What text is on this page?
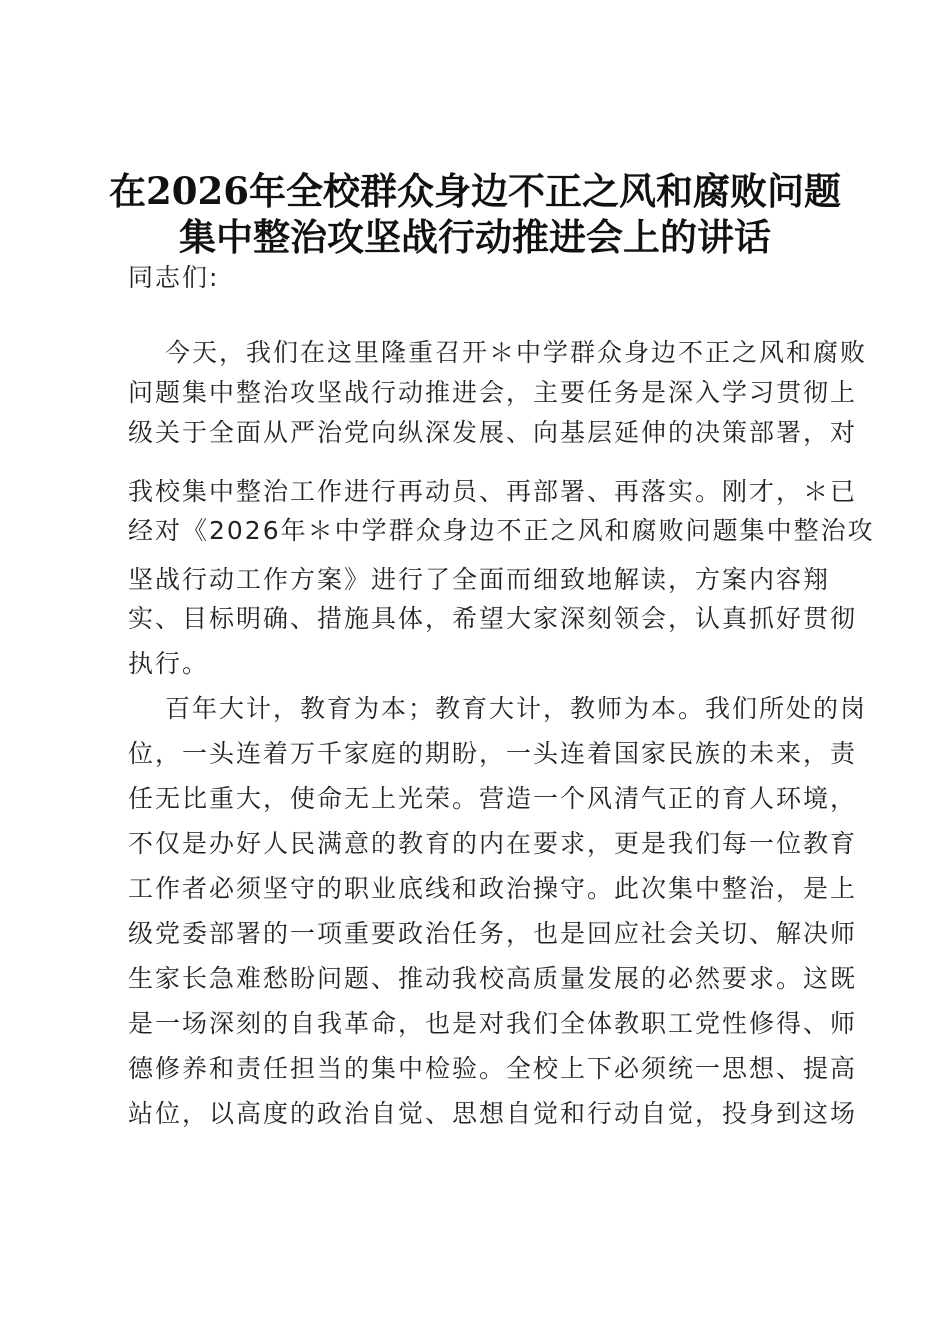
在2026年全校群众身边不正之风和腐败问题
集中整治攻坚战行动推进会上的讲话
同志们:
今天，我们在这里隆重召开＊中学群众身边不正之风和腐败
问题集中整治攻坚战行动推进会，主要任务是深入学习贯彻上
级关于全面从严治党向纵深发展、向基层延伸的决策部署，对
我校集中整治工作进行再动员、再部署、再落实。刚才，＊已
经对《2026年＊中学群众身边不正之风和腐败问题集中整治攻
坚战行动工作方案》进行了全面而细致地解读，方案内容翔
实、目标明确、措施具体，希望大家深刻领会，认真抓好贯彻
执行。
百年大计，教育为本；教育大计，教师为本。我们所处的岗
位，一头连着万千家庭的期盼，一头连着国家民族的未来，责
任无比重大，使命无上光荣。营造一个风清气正的育人环境，
不仅是办好人民满意的教育的内在要求，更是我们每一位教育
工作者必须坚守的职业底线和政治操守。此次集中整治，是上
级党委部署的一项重要政治任务，也是回应社会关切、解决师
生家长急难愁盼问题、推动我校高质量发展的必然要求。这既
是一场深刻的自我革命，也是对我们全体教职工党性修得、师
德修养和责任担当的集中检验。全校上下必须统一思想、提高
站位，以高度的政治自觉、思想自觉和行动自觉，投身到这场
